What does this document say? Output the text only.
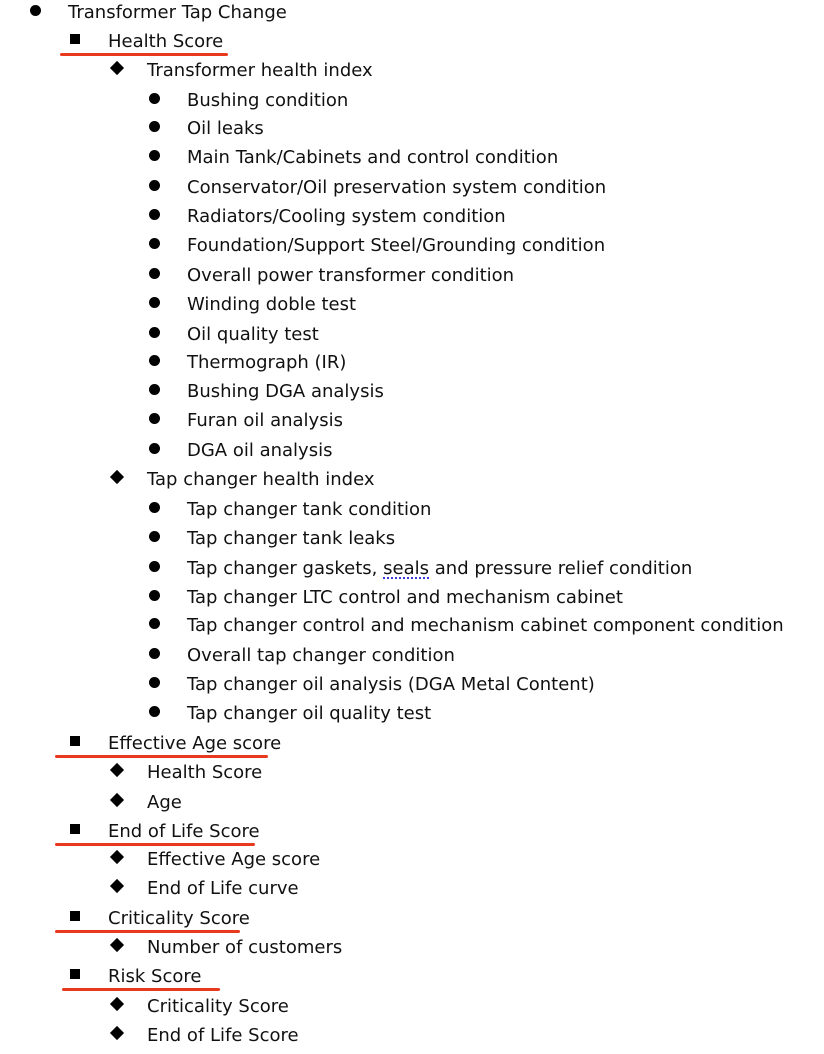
Transformer Tap Change
Health Score
Transformer health index
Bushing condition
Oil leaks
Main Tank/Cabinets and control condition
Conservator/Oil preservation system condition
Radiators/Cooling system condition
Foundation/Support Steel/Grounding condition
Overall power transformer condition
Winding doble test
Oil quality test
Thermograph (IR)
Bushing DGA analysis
Furan oil analysis
DGA oil analysis
Tap changer health index
Tap changer tank condition
Tap changer tank leaks
Tap changer gaskets, seals and pressure relief condition
Tap changer LTC control and mechanism cabinet
Tap changer control and mechanism cabinet component condition
Overall tap changer condition
Tap changer oil analysis (DGA Metal Content)
Tap changer oil quality test
Effective Age score
Health Score
Age
End of Life Score
Effective Age score
End of Life curve
Criticality Score
Number of customers
Risk Score
Criticality Score
End of Life Score
